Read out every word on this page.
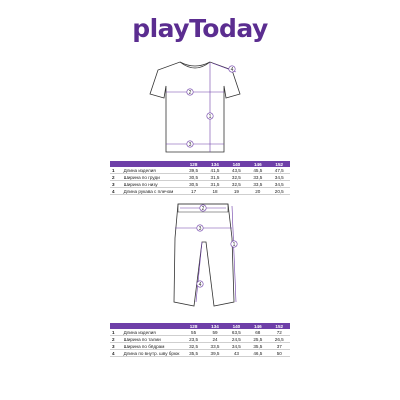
playToday
1
2
3
4
		128	134	140	146	152
1	Длина изделия	39,5	41,5	43,5	45,5	47,5
2	Ширина по груди	30,5	31,5	32,5	33,5	34,5
3	Ширина по низу	30,5	31,5	32,5	33,5	34,5
4	Длина рукава с плечом	17	18	19	20	20,5
1
2
3
4
		128	134	140	146	152
1	Длина изделия	55	59	63,5	68	72
2	Ширина по талии	23,5	24	24,5	25,5	26,5
3	Ширина по бёдрам	32,5	33,5	34,5	35,5	37
4	Длина по внутр. шву брюк	35,5	39,5	43	46,5	50
